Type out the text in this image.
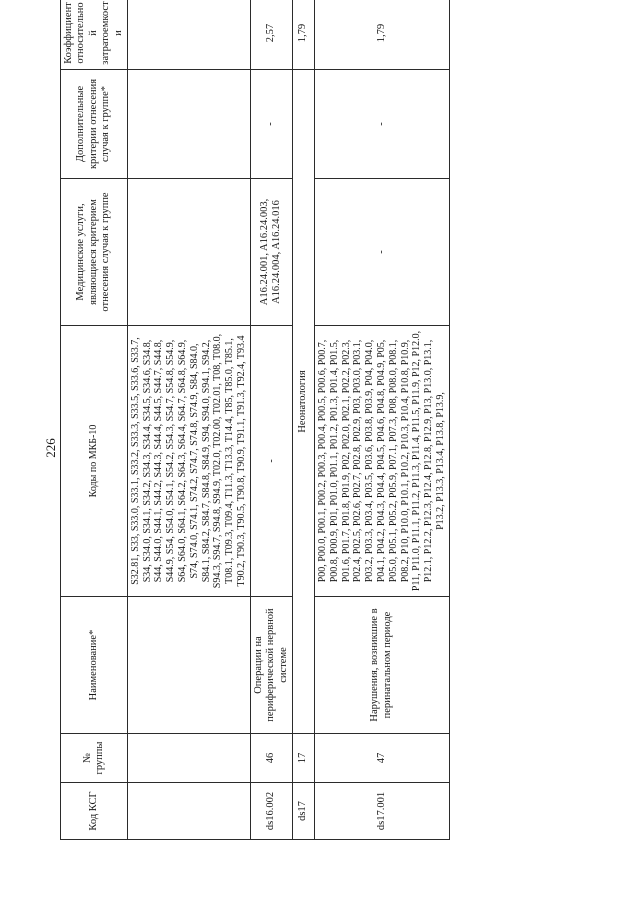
226
Код КСГ	№ группы	Наименование*	Коды по МКБ-10	Медицинские услуги, являющиеся критерием отнесения случая к группе	Дополнительные критерии отнесения случая к группе*	Коэффициент относительной затратоемкости
			S32.81, S33, S33.0, S33.1, S33.2, S33.3, S33.5, S33.6, S33.7, S34, S34.0, S34.1, S34.2, S34.3, S34.4, S34.5, S34.6, S34.8, S44, S44.0, S44.1, S44.2, S44.3, S44.4, S44.5, S44.7, S44.8, S44.9, S54, S54.0, S54.1, S54.2, S54.3, S54.7, S54.8, S54.9, S64, S64.0, S64.1, S64.2, S64.3, S64.4, S64.7, S64.8, S64.9, S74, S74.0, S74.1, S74.2, S74.7, S74.8, S74.9, S84, S84.0, S84.1, S84.2, S84.7, S84.8, S84.9, S94, S94.0, S94.1, S94.2, S94.3, S94.7, S94.8, S94.9, T02.0, T02.00, T02.01, T08, T08.0, T08.1, T09.3, T09.4, T11.3, T13.3, T14.4, T85, T85.0, T85.1, T90.2, T90.3, T90.5, T90.8, T90.9, T91.1, T91.3, T92.4, T93.4			
ds16.002	46	Операции на периферической нервной системе	-	A16.24.001, A16.24.003, A16.24.004, A16.24.016	-	2,57
ds17	17	Неонатология				1,79
ds17.001	47	Нарушения, возникшие в перинатальном периоде	P00, P00.0, P00.1, P00.2, P00.3, P00.4, P00.5, P00.6, P00.7, P00.8, P00.9, P01, P01.0, P01.1, P01.2, P01.3, P01.4, P01.5, P01.6, P01.7, P01.8, P01.9, P02, P02.0, P02.1, P02.2, P02.3, P02.4, P02.5, P02.6, P02.7, P02.8, P02.9, P03, P03.0, P03.1, P03.2, P03.3, P03.4, P03.5, P03.6, P03.8, P03.9, P04, P04.0, P04.1, P04.2, P04.3, P04.4, P04.5, P04.6, P04.8, P04.9, P05, P05.0, P05.1, P05.2, P05.9, P07.1, P07.3, P08, P08.0, P08.1, P08.2, P10, P10.0, P10.1, P10.2, P10.3, P10.4, P10.8, P10.9, P11, P11.0, P11.1, P11.2, P11.3, P11.4, P11.5, P11.9, P12, P12.0, P12.1, P12.2, P12.3, P12.4, P12.8, P12.9, P13, P13.0, P13.1, P13.2, P13.3, P13.4, P13.8, P13.9,	-	-	1,79
